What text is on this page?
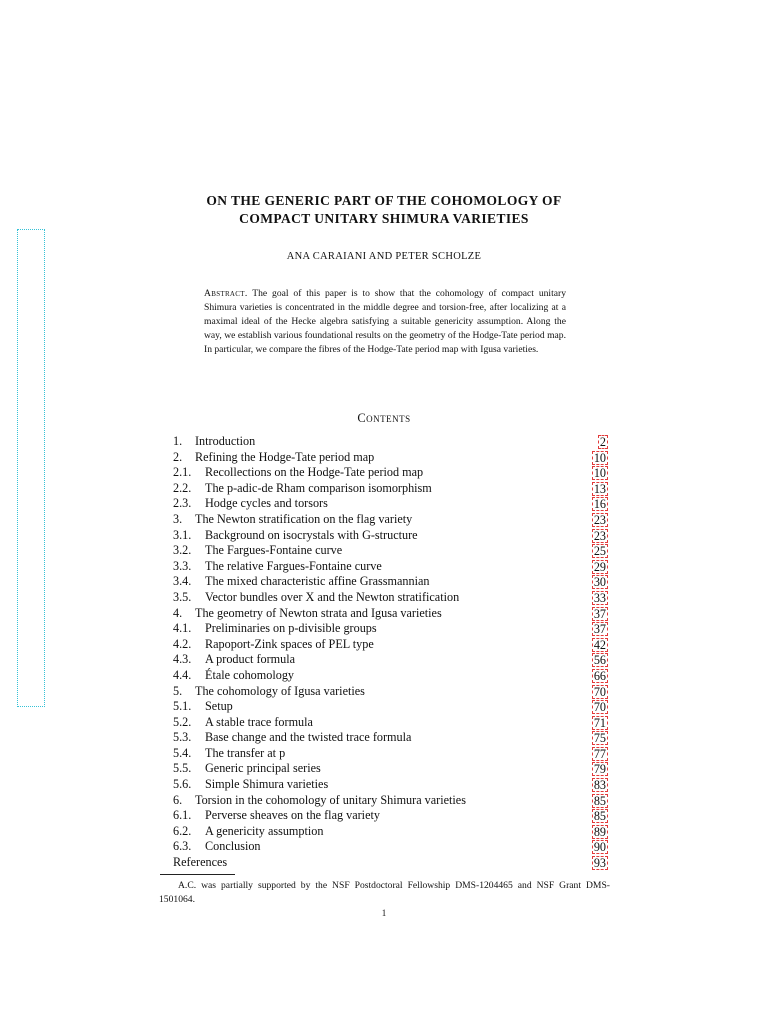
ON THE GENERIC PART OF THE COHOMOLOGY OF
COMPACT UNITARY SHIMURA VARIETIES
ANA CARAIANI AND PETER SCHOLZE
Abstract. The goal of this paper is to show that the cohomology of compact unitary Shimura varieties is concentrated in the middle degree and torsion-free, after localizing at a maximal ideal of the Hecke algebra satisfying a suitable genericity assumption. Along the way, we establish various foundational results on the geometry of the Hodge-Tate period map. In particular, we compare the fibres of the Hodge-Tate period map with Igusa varieties.
Contents
1. Introduction	2
2. Refining the Hodge-Tate period map	10
2.1. Recollections on the Hodge-Tate period map	10
2.2. The p-adic-de Rham comparison isomorphism	13
2.3. Hodge cycles and torsors	16
3. The Newton stratification on the flag variety	23
3.1. Background on isocrystals with G-structure	23
3.2. The Fargues-Fontaine curve	25
3.3. The relative Fargues-Fontaine curve	29
3.4. The mixed characteristic affine Grassmannian	30
3.5. Vector bundles over X and the Newton stratification	33
4. The geometry of Newton strata and Igusa varieties	37
4.1. Preliminaries on p-divisible groups	37
4.2. Rapoport-Zink spaces of PEL type	42
4.3. A product formula	56
4.4. Étale cohomology	66
5. The cohomology of Igusa varieties	70
5.1. Setup	70
5.2. A stable trace formula	71
5.3. Base change and the twisted trace formula	75
5.4. The transfer at p	77
5.5. Generic principal series	79
5.6. Simple Shimura varieties	83
6. Torsion in the cohomology of unitary Shimura varieties	85
6.1. Perverse sheaves on the flag variety	85
6.2. A genericity assumption	89
6.3. Conclusion	90
References	93
A.C. was partially supported by the NSF Postdoctoral Fellowship DMS-1204465 and NSF Grant DMS-1501064.
1
